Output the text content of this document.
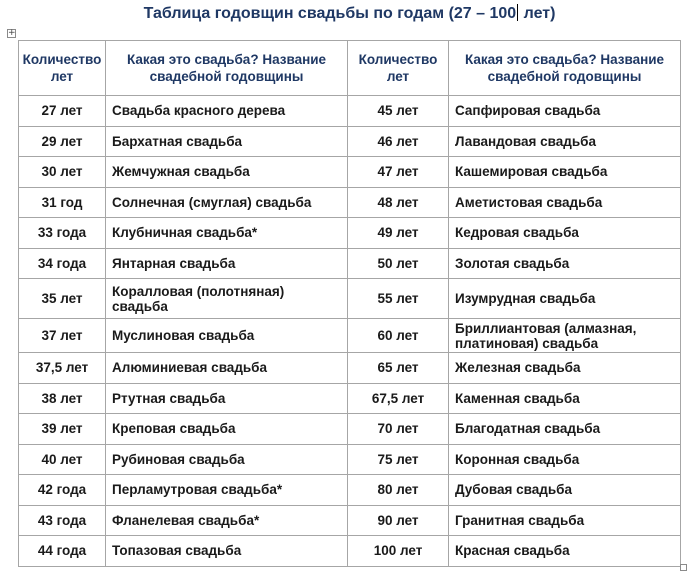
Таблица годовщин свадьбы по годам (27 – 100 лет)
+
Количество лет	Какая это свадьба? Название свадебной годовщины	Количество лет	Какая это свадьба? Название свадебной годовщины
27 лет	Свадьба красного дерева	45 лет	Сапфировая свадьба
29 лет	Бархатная свадьба	46 лет	Лавандовая свадьба
30 лет	Жемчужная свадьба	47 лет	Кашемировая свадьба
31 год	Солнечная (смуглая) свадьба	48 лет	Аметистовая свадьба
33 года	Клубничная свадьба*	49 лет	Кедровая свадьба
34 года	Янтарная свадьба	50 лет	Золотая свадьба
35 лет	Коралловая (полотняная) свадьба	55 лет	Изумрудная свадьба
37 лет	Муслиновая свадьба	60 лет	Бриллиантовая (алмазная, платиновая) свадьба
37,5 лет	Алюминиевая свадьба	65 лет	Железная свадьба
38 лет	Ртутная свадьба	67,5 лет	Каменная свадьба
39 лет	Креповая свадьба	70 лет	Благодатная свадьба
40 лет	Рубиновая свадьба	75 лет	Коронная свадьба
42 года	Перламутровая свадьба*	80 лет	Дубовая свадьба
43 года	Фланелевая свадьба*	90 лет	Гранитная свадьба
44 года	Топазовая свадьба	100 лет	Красная свадьба
